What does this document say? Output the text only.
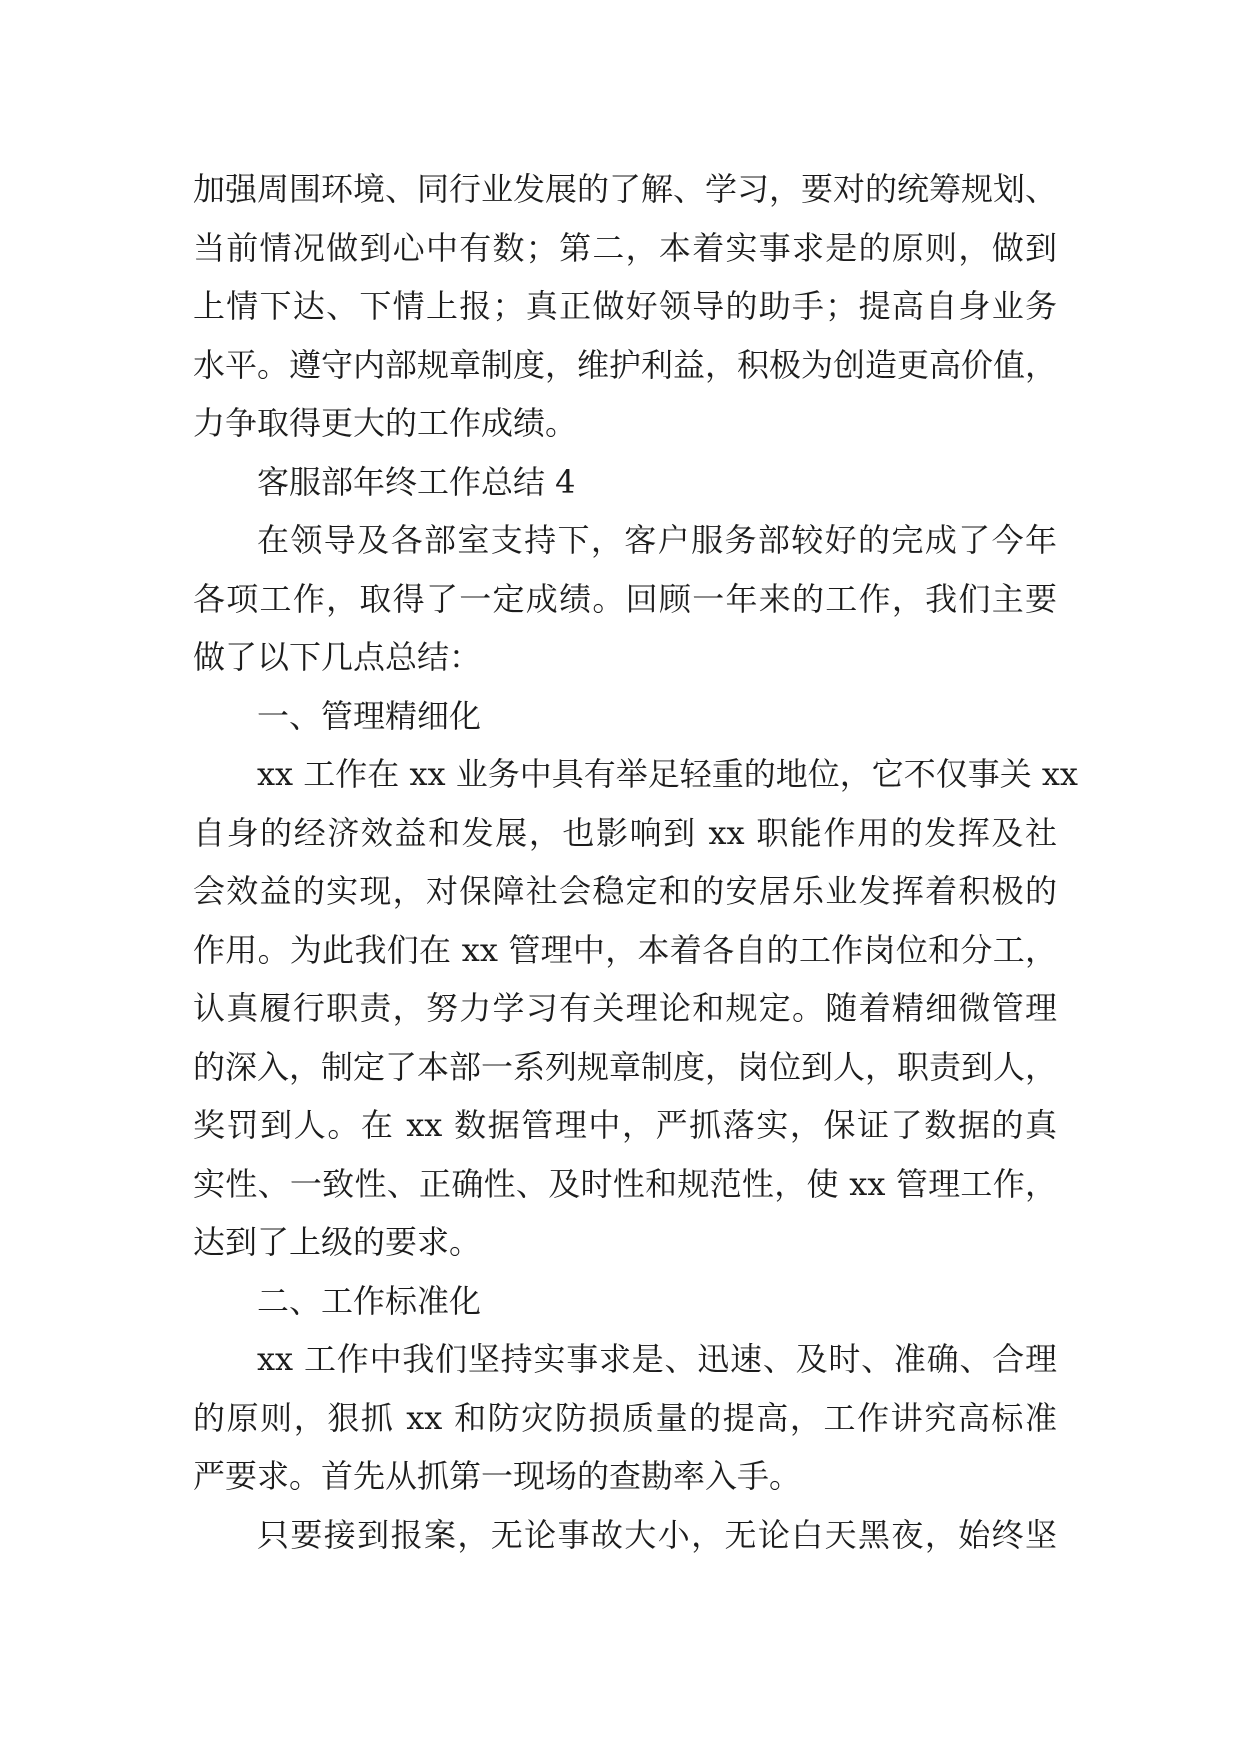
加强周围环境、同行业发展的了解、学习，要对的统筹规划、
当前情况做到心中有数；第二，本着实事求是的原则，做到
上情下达、下情上报；真正做好领导的助手；提高自身业务
水平。遵守内部规章制度，维护利益，积极为创造更高价值，
力争取得更大的工作成绩。
客服部年终工作总结 4
在领导及各部室支持下，客户服务部较好的完成了今年
各项工作，取得了一定成绩。回顾一年来的工作，我们主要
做了以下几点总结：
一、管理精细化
xx 工作在 xx 业务中具有举足轻重的地位，它不仅事关 xx
自身的经济效益和发展，也影响到 xx 职能作用的发挥及社
会效益的实现，对保障社会稳定和的安居乐业发挥着积极的
作用。为此我们在 xx 管理中，本着各自的工作岗位和分工，
认真履行职责，努力学习有关理论和规定。随着精细微管理
的深入，制定了本部一系列规章制度，岗位到人，职责到人，
奖罚到人。在 xx 数据管理中，严抓落实，保证了数据的真
实性、一致性、正确性、及时性和规范性，使 xx 管理工作，
达到了上级的要求。
二、工作标准化
xx 工作中我们坚持实事求是、迅速、及时、准确、合理
的原则，狠抓 xx 和防灾防损质量的提高，工作讲究高标准
严要求。首先从抓第一现场的查勘率入手。
只要接到报案，无论事故大小，无论白天黑夜，始终坚
